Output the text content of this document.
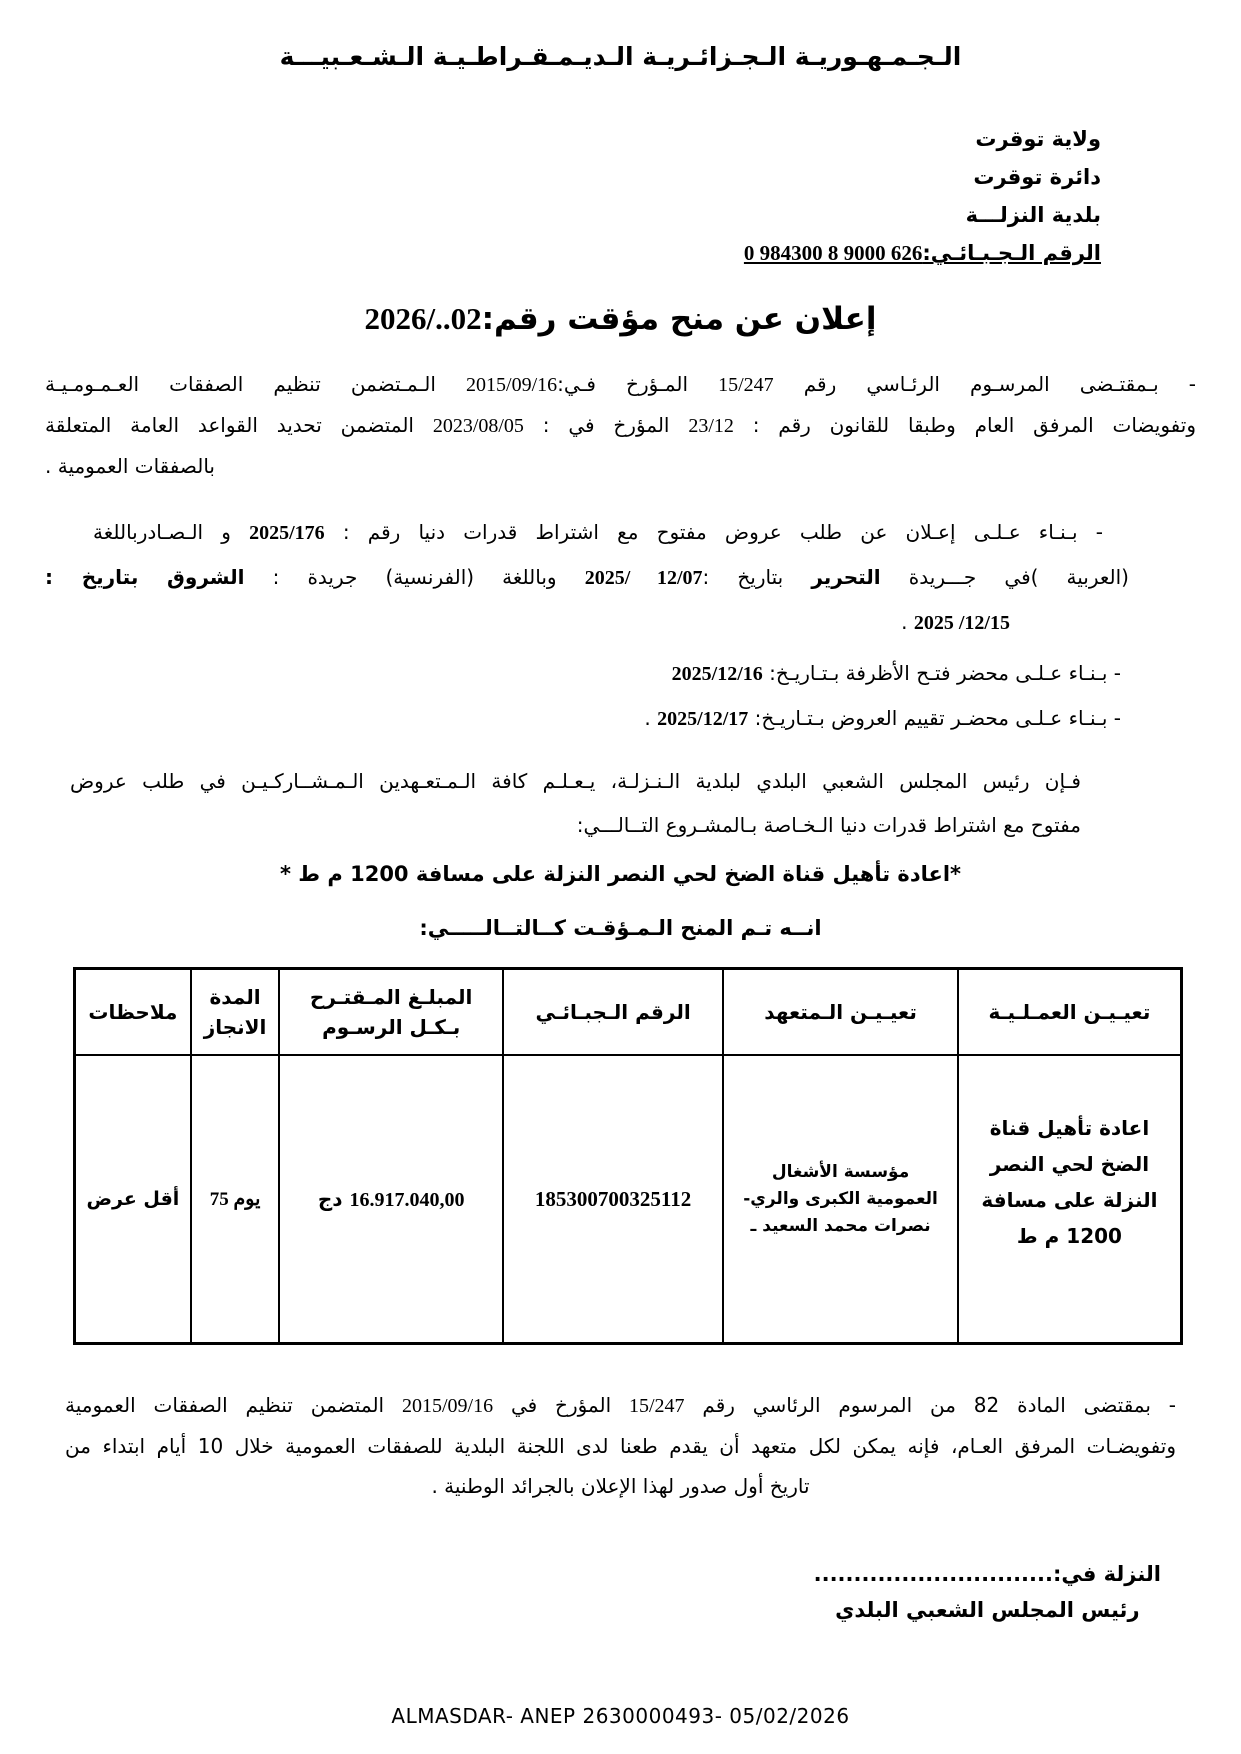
الـجـمـهـوريـة الـجـزائـريـة الـديـمـقـراطـيـة الـشـعـبيـــة
ولاية توقرت
دائرة توقرت
بلدية النزلـــة
الرقم الـجـبـائـي:0 984300 8 9000 626
إعلان عن منح مؤقت رقم:2026/..02
- بـمقتـضى المرسـوم الرئـاسي رقم 15/247 المـؤرخ فـي:2015/09/16 الـمـتضمن تنظيم الصفقات العـمـومـيـة
وتفويضات المرفق العام وطبقا للقانون رقم : 23/12 المؤرخ في : 2023/08/05 المتضمن تحديد القواعد العامة المتعلقة
بالصفقات العمومية .
- بـنـاء عـلـى إعـلان عن طلب عروض مفتوح مع اشتراط قدرات دنيا رقم : 2025/176 و الـصـادرباللغة
(العربية )في جـــريدة التحرير بتاريخ :2025/ 12/07 وباللغة (الفرنسية) جريدة : الشروق بتاريخ :
2025 /12/15 .
- بـنـاء عـلـى محضر فتـح الأظرفة بـتـاريـخ: 2025/12/16
- بـنـاء عـلـى محضـر تقييم العروض بـتـاريـخ: 2025/12/17 .
فـإن رئيس المجلس الشعبي البلدي لبلدية الـنـزلـة، يـعـلـم كافة الـمـتعـهدين الـمـشــاركـيـن في طلب عروض
مفتوح مع اشتراط قدرات دنيا الـخـاصة بـالمشـروع التــالـــي:
*اعادة تأهيل قناة الضخ لحي النصر النزلة على مسافة 1200 م ط *
انــه تـم المنح الـمـؤقـت كــالتــالـــــي:
تعيـيـن العمـلـيـة	تعيـيـن الـمتعهد	الرقم الـجبـائـي	المبلـغ المـقتـرح بـكـل الرسـوم	المدة الانجاز	ملاحظات
اعادة تأهيل قناة الضخ لحي النصر النزلة على مسافة 1200 م ط	مؤسسة الأشغال العمومية الكبرى والري- نصرات محمد السعيد ـ	185300700325112	16.917.040,00 دج	75 يوم	أقل عرض
- بمقتضى المادة 82 من المرسوم الرئاسي رقم 15/247 المؤرخ في 2015/09/16 المتضمن تنظيم الصفقات العمومية
وتفويضـات المرفق العـام، فإنه يمكن لكل متعهد أن يقدم طعنا لدى اللجنة البلدية للصفقات العمومية خلال 10 أيام ابتداء من
تاريخ أول صدور لهذا الإعلان بالجرائد الوطنية .
النزلة في:..............................
رئيس المجلس الشعبي البلدي
ALMASDAR- ANEP 2630000493- 05/02/2026
